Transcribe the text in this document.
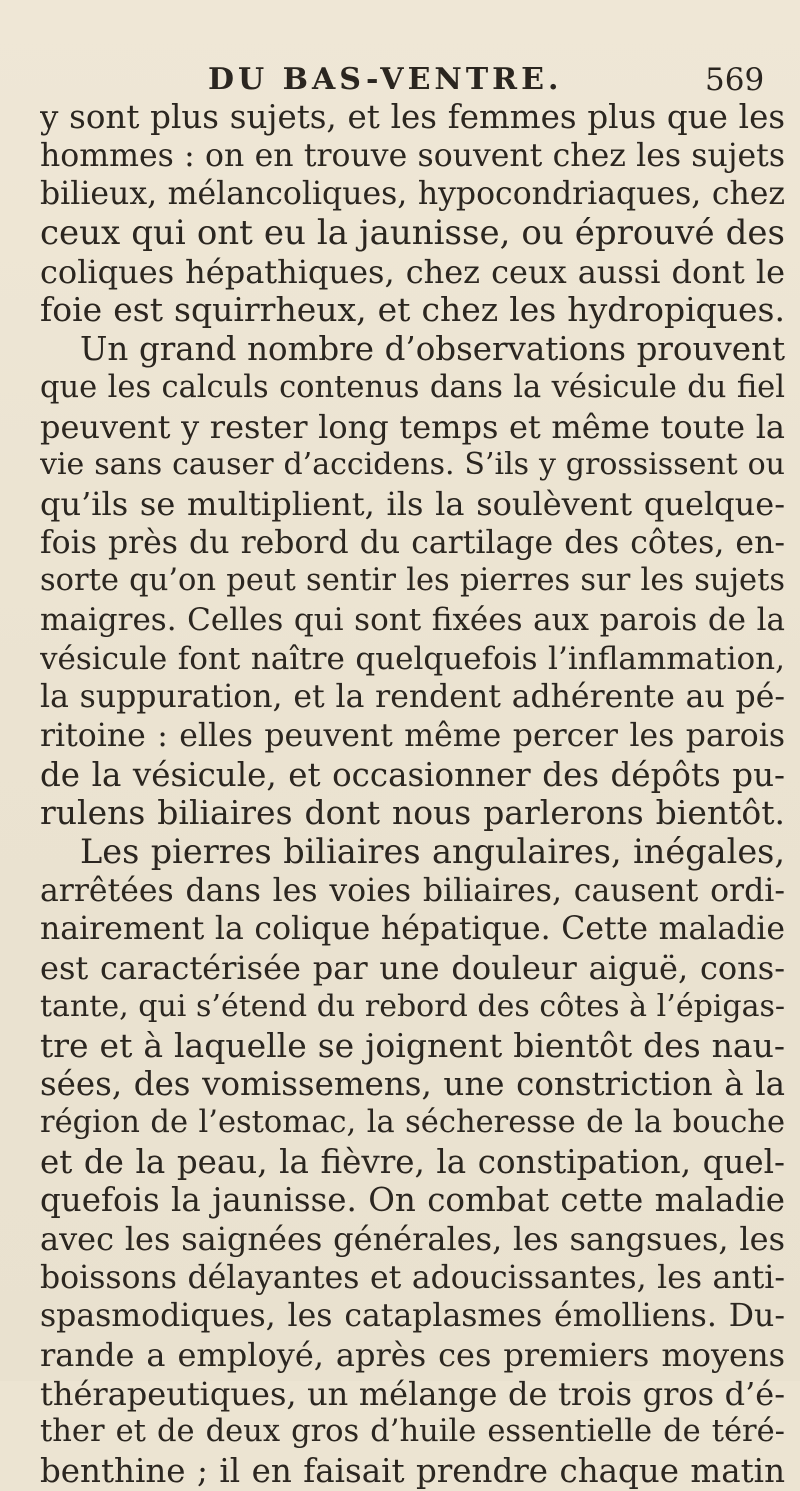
DU BAS-VENTRE.	569
y sont plus sujets, et les femmes plus que les
hommes : on en trouve souvent chez les sujets
bilieux, mélancoliques, hypocondriaques, chez
ceux qui ont eu la jaunisse, ou éprouvé des
coliques hépathiques, chez ceux aussi dont le
foie est squirrheux, et chez les hydropiques.
Un grand nombre d’observations prouvent
que les calculs contenus dans la vésicule du fiel
peuvent y rester long temps et même toute la
vie sans causer d’accidens. S’ils y grossissent ou
qu’ils se multiplient, ils la soulèvent quelque-
fois près du rebord du cartilage des côtes, en-
sorte qu’on peut sentir les pierres sur les sujets
maigres. Celles qui sont fixées aux parois de la
vésicule font naître quelquefois l’inflammation,
la suppuration, et la rendent adhérente au pé-
ritoine : elles peuvent même percer les parois
de la vésicule, et occasionner des dépôts pu-
rulens biliaires dont nous parlerons bientôt.
Les pierres biliaires angulaires, inégales,
arrêtées dans les voies biliaires, causent ordi-
nairement la colique hépatique. Cette maladie
est caractérisée par une douleur aiguë, cons-
tante, qui s’étend du rebord des côtes à l’épigas-
tre et à laquelle se joignent bientôt des nau-
sées, des vomissemens, une constriction à la
région de l’estomac, la sécheresse de la bouche
et de la peau, la fièvre, la constipation, quel-
quefois la jaunisse. On combat cette maladie
avec les saignées générales, les sangsues, les
boissons délayantes et adoucissantes, les anti-
spasmodiques, les cataplasmes émolliens. Du-
rande a employé, après ces premiers moyens
thérapeutiques, un mélange de trois gros d’é-
ther et de deux gros d’huile essentielle de téré-
benthine ; il en faisait prendre chaque matin
